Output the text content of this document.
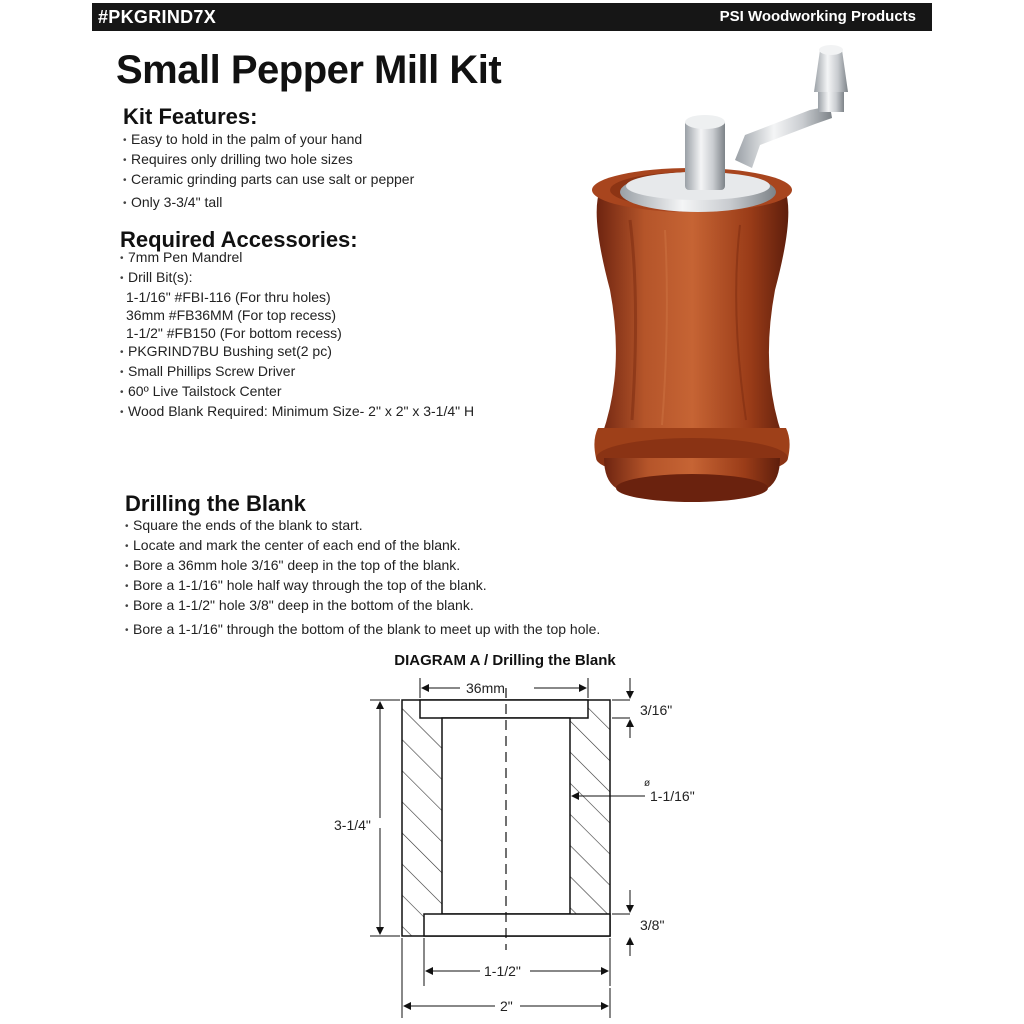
#PKGRIND7X	PSI Woodworking Products
Small Pepper Mill Kit
Kit Features:
• Easy to hold in the palm of your hand
• Requires only drilling two hole sizes
• Ceramic grinding parts can use salt or pepper
• Only 3-3/4" tall
Required Accessories:
• 7mm Pen Mandrel
• Drill Bit(s):
1-1/16" #FBI-116 (For thru holes)
36mm #FB36MM (For top recess)
1-1/2" #FB150 (For bottom recess)
• PKGRIND7BU Bushing set(2 pc)
• Small Phillips Screw Driver
• 60º Live Tailstock Center
• Wood Blank Required: Minimum Size- 2" x 2" x 3-1/4" H
Drilling the Blank
• Square the ends of the blank to start.
• Locate and mark the center of each end of the blank.
• Bore a 36mm hole 3/16" deep in the top of the blank.
• Bore a 1-1/16" hole half way through the top of the blank.
• Bore a 1-1/2" hole 3/8" deep in the bottom of the blank.
• Bore a 1-1/16" through the bottom of the blank to meet up with the top hole.
DIAGRAM A / Drilling the Blank
36mm
3/16"
3-1/4"
ø
1-1/16"
3/8"
1-1/2"
2"
